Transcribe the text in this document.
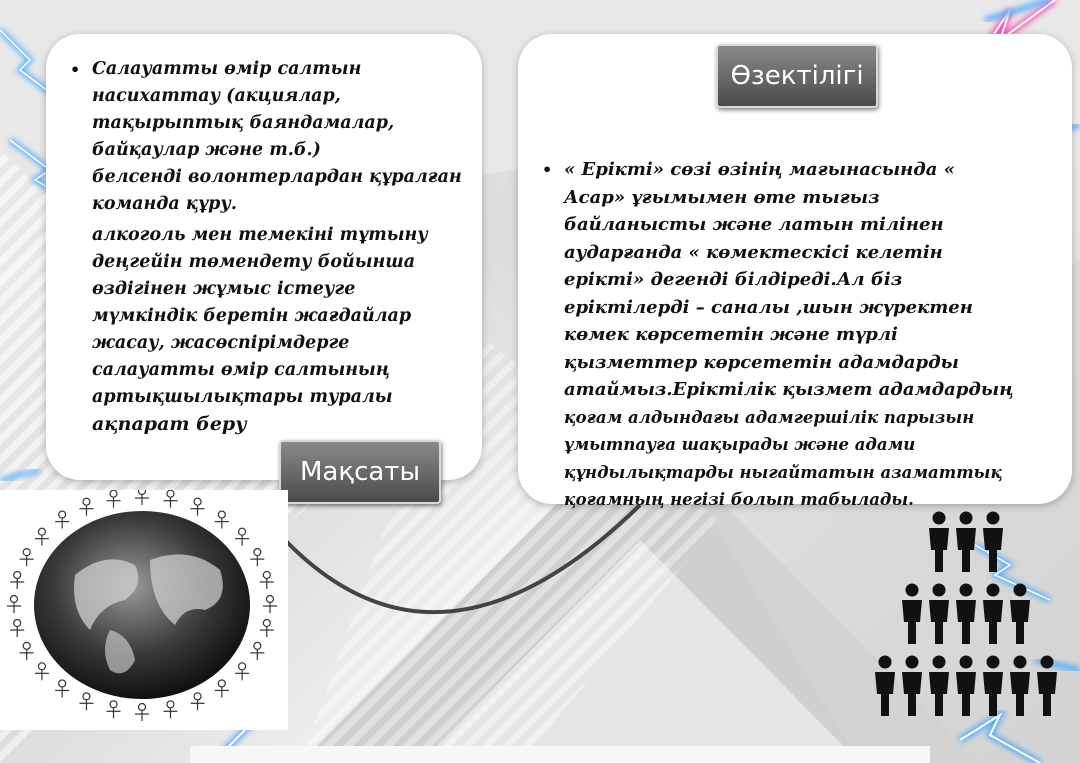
• Салауатты өмір салтын
насихаттау (акциялар,
тақырыптық баяндамалар,
байқаулар және т.б.)
белсенді волонтерлардан құралған
команда құру.
алкоголь мен темекіні тұтыну
деңгейін төмендету бойынша
өздігінен жұмыс істеуге
мүмкіндік беретін жағдайлар
жасау, жасөспірімдерге
салауатты өмір салтының
артықшылықтары туралы
ақпарат беру
• « Ерікті» сөзі өзінің мағынасында «
Асар» ұғымымен өте тығыз
байланысты және латын тілінен
аударғанда « көмектескісі келетін
ерікті» дегенді білдіреді.Ал біз
еріктілерді – саналы ,шын жүректен
көмек көрсететін және түрлі
қызметтер көрсететін адамдарды
атаймыз.Еріктілік қызмет адамдардың
қоғам алдындағы адамгершілік парызын
ұмытпауға шақырады және адами
құндылықтарды ныгайтатын азаматтық
қоғамның негізі болып табылады.
Мақсаты
Өзектілігі
